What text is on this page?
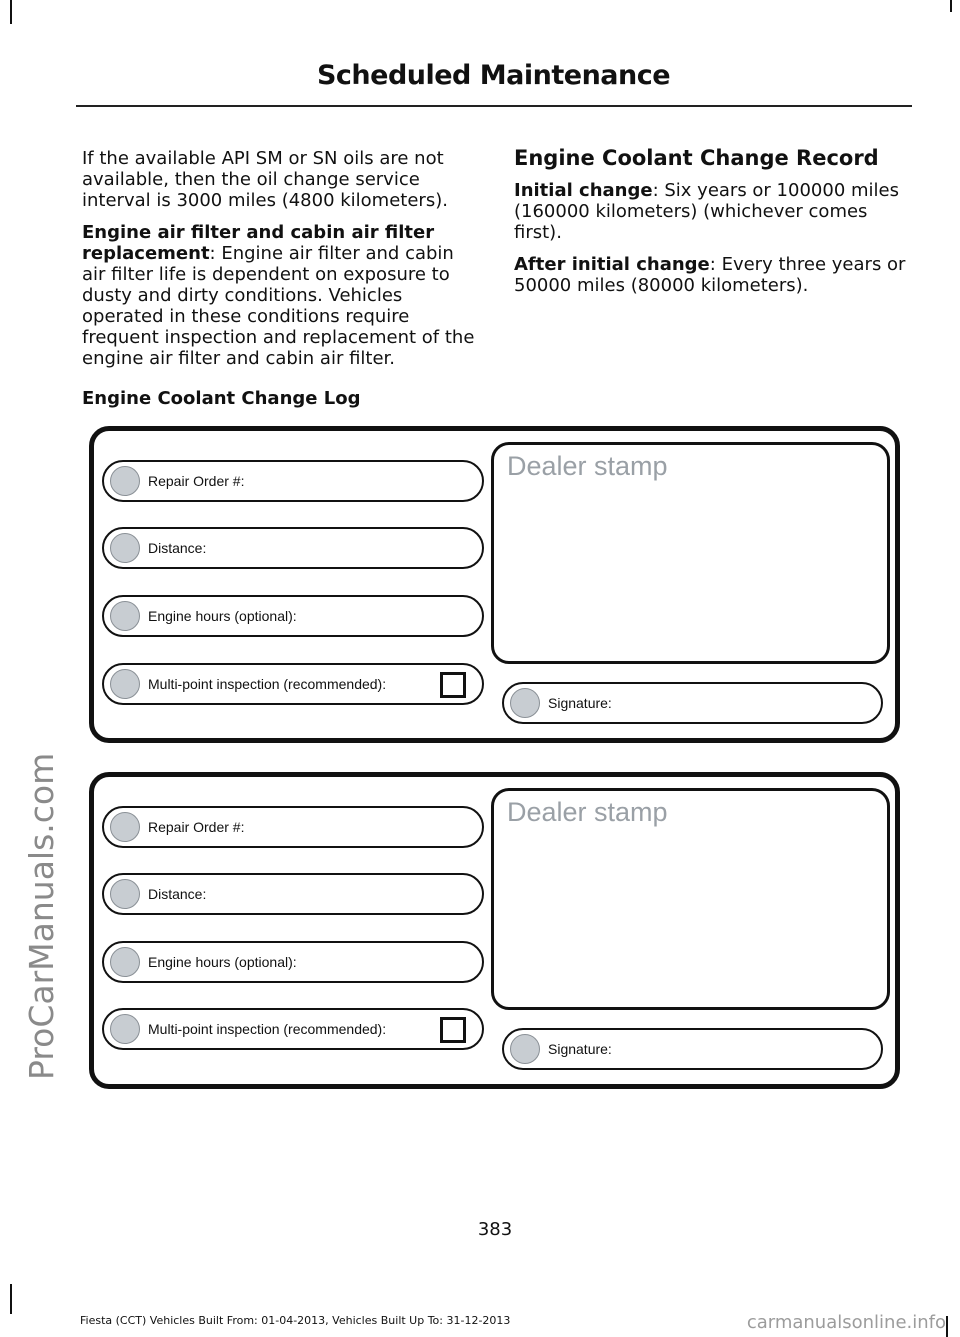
Scheduled Maintenance
ProCarManuals.com

If the available API SM or SN oils are not available, then the oil change service interval is 3000 miles (4800 kilometers).

Engine air filter and cabin air filter replacement: Engine air filter and cabin air filter life is dependent on exposure to dusty and dirty conditions. Vehicles operated in these conditions require frequent inspection and replacement of the engine air filter and cabin air filter.

Engine Coolant Change Record

Initial change: Six years or 100000 miles (160000 kilometers) (whichever comes first).

After initial change: Every three years or 50000 miles (80000 kilometers).

Engine Coolant Change Log
Repair Order #:
Distance:
Engine hours (optional):
Multi-point inspection (recommended):
Dealer stamp
Signature:
Repair Order #:
Distance:
Engine hours (optional):
Multi-point inspection (recommended):
Dealer stamp
Signature:
383
Fiesta (CCT) Vehicles Built From: 01-04-2013, Vehicles Built Up To: 31-12-2013	carmanualsonline.info
